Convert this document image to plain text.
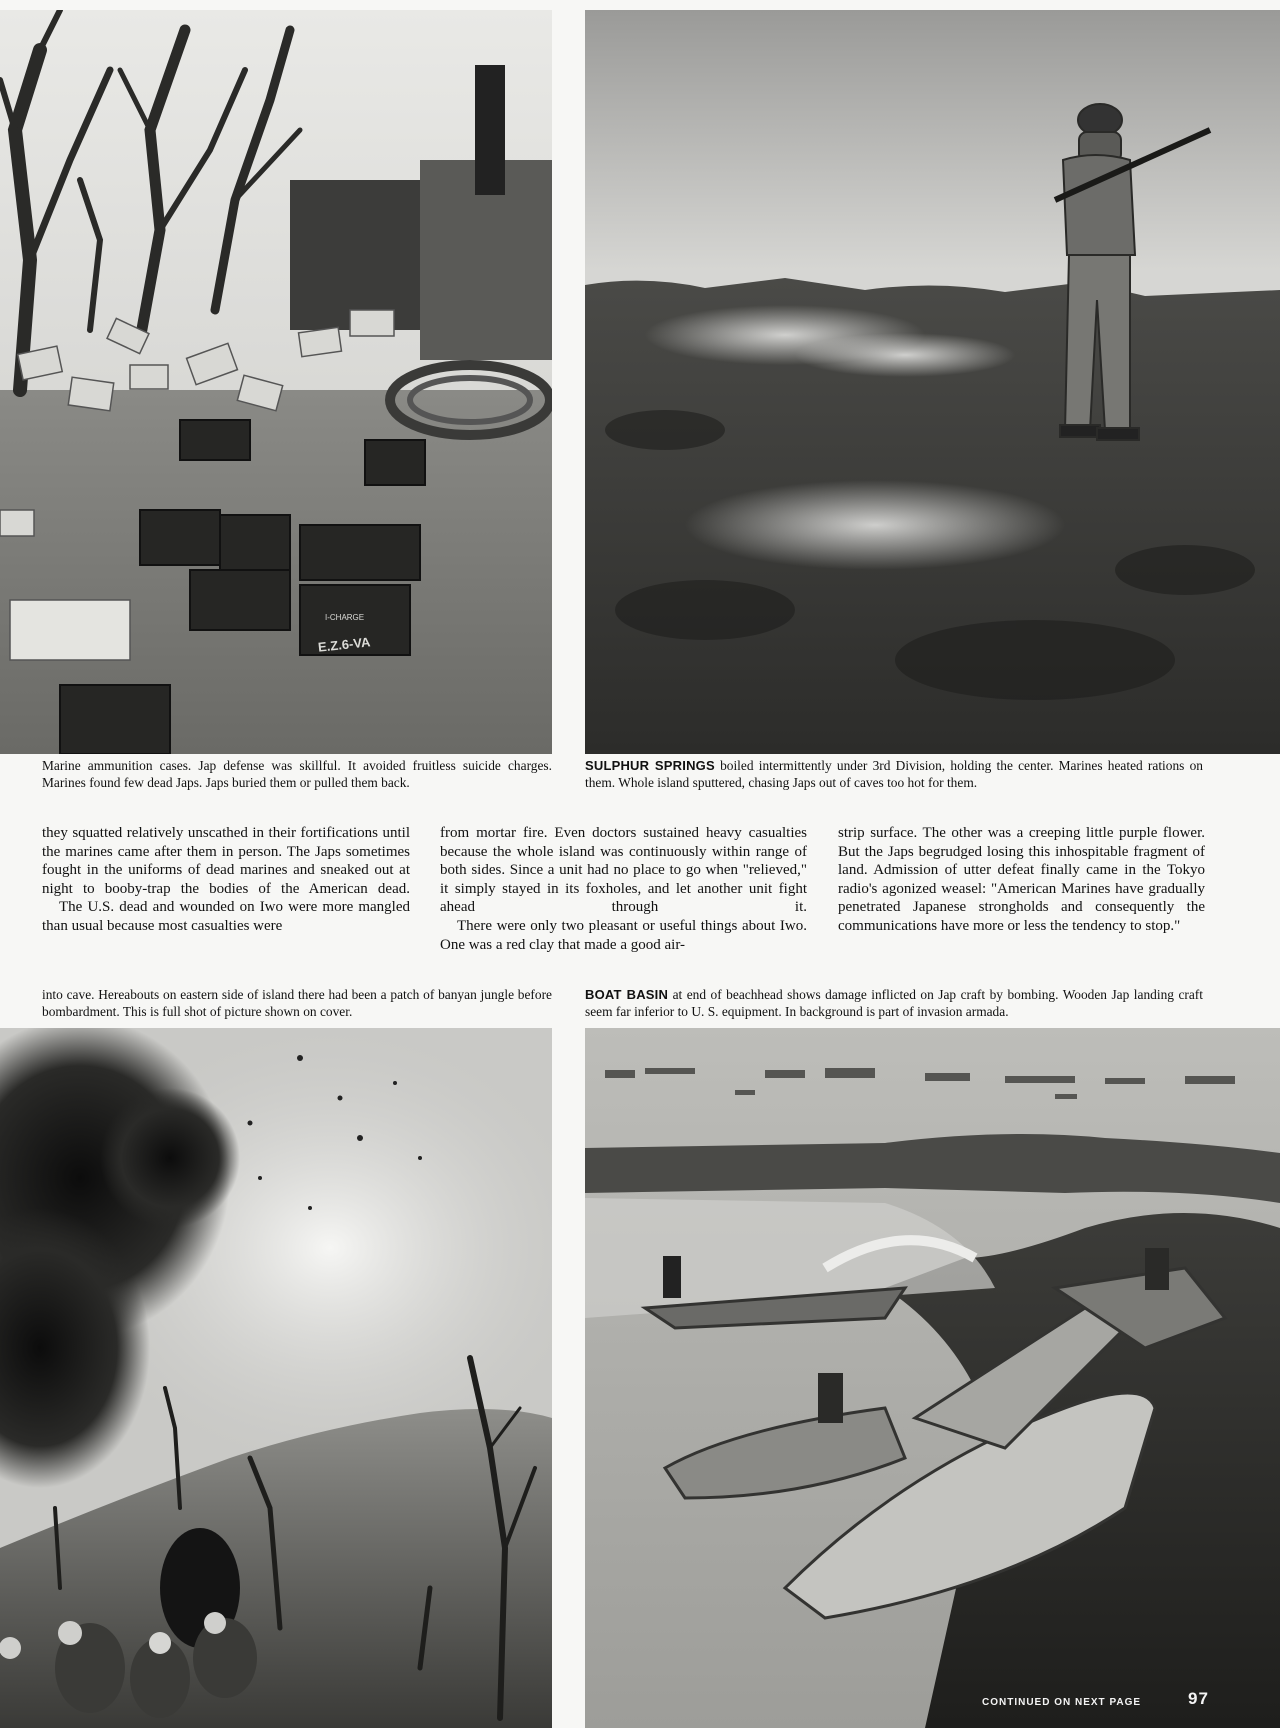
I-CHARGE
E.Z.6-VA
Marine ammunition cases. Jap defense was skillful. It avoided fruitless suicide charges. Marines found few dead Japs. Japs buried them or pulled them back.
SULPHUR SPRINGS boiled intermittently under 3rd Division, holding the center. Marines heated rations on them. Whole island sputtered, chasing Japs out of caves too hot for them.

they squatted relatively unscathed in their fortifications until the marines came after them in person. The Japs sometimes fought in the uniforms of dead marines and sneaked out at night to booby-trap the bodies of the American dead.

The U.S. dead and wounded on Iwo were more mangled than usual because most casualties were

from mortar fire. Even doctors sustained heavy casualties because the whole island was continuously within range of both sides. Since a unit had no place to go when "relieved," it simply stayed in its foxholes, and let another unit fight ahead through it.

There were only two pleasant or useful things about Iwo. One was a red clay that made a good air-

strip surface. The other was a creeping little purple flower. But the Japs begrudged losing this inhospitable fragment of land. Admission of utter defeat finally came in the Tokyo radio's agonized weasel: "American Marines have gradually penetrated Japanese strongholds and consequently the communications have more or less the tendency to stop."

into cave. Hereabouts on eastern side of island there had been a patch of banyan jungle before bombardment. This is full shot of picture shown on cover.
BOAT BASIN at end of beachhead shows damage inflicted on Jap craft by bombing. Wooden Jap landing craft seem far inferior to U. S. equipment. In background is part of invasion armada.
CONTINUED ON NEXT PAGE	97
